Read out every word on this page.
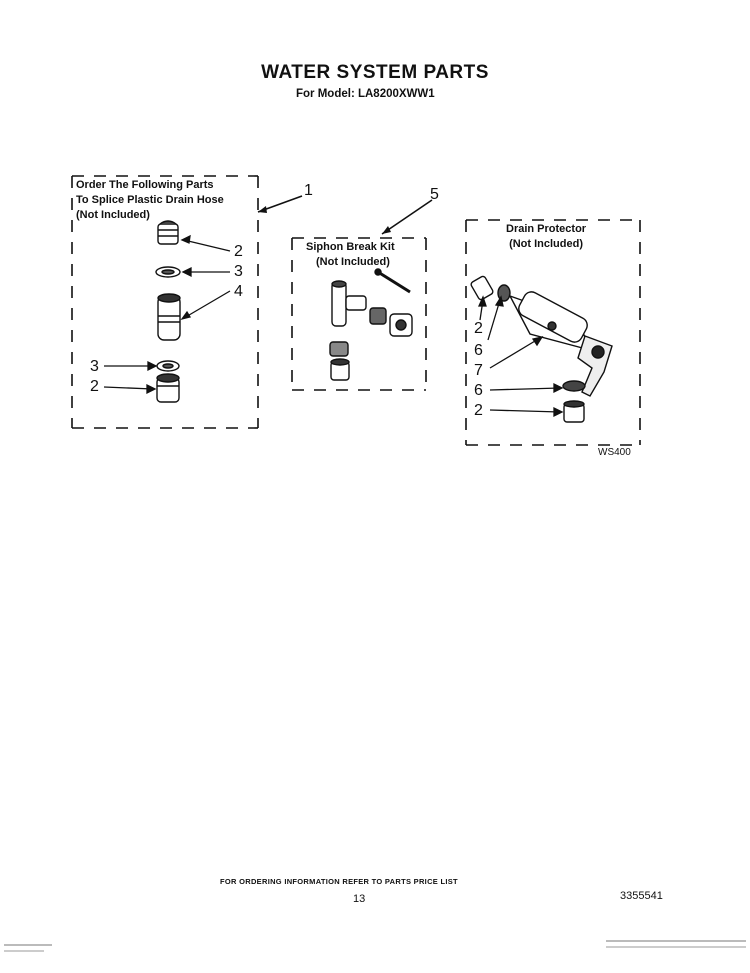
WATER SYSTEM PARTS
For Model: LA8200XWW1
Order The Following Parts
To Splice Plastic Drain Hose
(Not Included)
Siphon Break Kit
(Not Included)
Drain Protector
(Not Included)
1	5
2
3
4
3
2
2
6
7
6
2
WS400
FOR ORDERING INFORMATION REFER TO PARTS PRICE LIST
13	3355541
